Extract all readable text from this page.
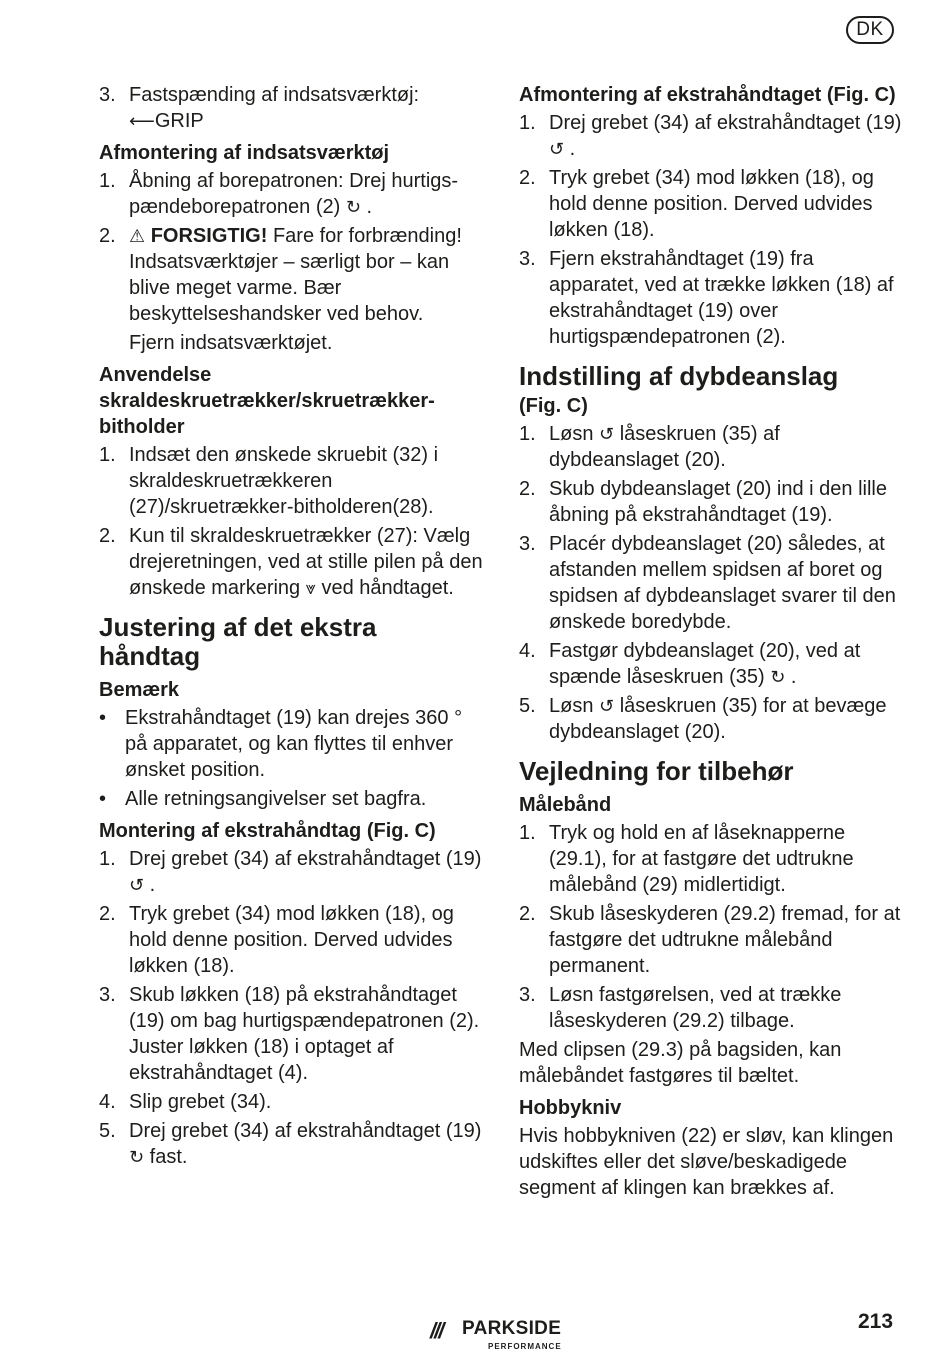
DK
3. Fastspænding af indsatsværktøj:
⟵GRIP
Afmontering af indsatsværktøj
1. Åbning af borepatronen: Drej hurtigs-pændeborepatronen (2) ↻ .
2. ⚠ FORSIGTIG! Fare for forbrænding! Indsatsværktøjer – særligt bor – kan blive meget varme. Bær beskyttelseshandsker ved behov.
Fjern indsatsværktøjet.
Anvendelse skraldeskruetrækker/skruetrækker-bitholder
1. Indsæt den ønskede skruebit (32) i skraldeskruetrækkeren (27)/skruetrækker-bitholderen(28).
2. Kun til skraldeskruetrækker (27): Vælg drejeretningen, ved at stille pilen på den ønskede markering ⩔ ved håndtaget.
Justering af det ekstra håndtag
Bemærk
• Ekstrahåndtaget (19) kan drejes 360 ° på apparatet, og kan flyttes til enhver ønsket position.
• Alle retningsangivelser set bagfra.
Montering af ekstrahåndtag (Fig. C)
1. Drej grebet (34) af ekstrahåndtaget (19) ↺ .
2. Tryk grebet (34) mod løkken (18), og hold denne position. Derved udvides løkken (18).
3. Skub løkken (18) på ekstrahåndtaget (19) om bag hurtigspændepatronen (2). Juster løkken (18) i optaget af ekstrahåndtaget (4).
4. Slip grebet (34).
5. Drej grebet (34) af ekstrahåndtaget (19) ↻ fast.
Afmontering af ekstrahåndtaget (Fig. C)
1. Drej grebet (34) af ekstrahåndtaget (19) ↺ .
2. Tryk grebet (34) mod løkken (18), og hold denne position. Derved udvides løkken (18).
3. Fjern ekstrahåndtaget (19) fra apparatet, ved at trække løkken (18) af ekstrahåndtaget (19) over hurtigspændepatronen (2).
Indstilling af dybdeanslag
(Fig. C)
1. Løsn ↺ låseskruen (35) af dybdeanslaget (20).
2. Skub dybdeanslaget (20) ind i den lille åbning på ekstrahåndtaget (19).
3. Placér dybdeanslaget (20) således, at afstanden mellem spidsen af boret og spidsen af dybdeanslaget svarer til den ønskede boredybde.
4. Fastgør dybdeanslaget (20), ved at spænde låseskruen (35) ↻ .
5. Løsn ↺ låseskruen (35) for at bevæge dybdeanslaget (20).
Vejledning for tilbehør
Målebånd
1. Tryk og hold en af låseknapperne (29.1), for at fastgøre det udtrukne målebånd (29) midlertidigt.
2. Skub låseskyderen (29.2) fremad, for at fastgøre det udtrukne målebånd permanent.
3. Løsn fastgørelsen, ved at trække låseskyderen (29.2) tilbage.

Med clipsen (29.3) på bagsiden, kan målebåndet fastgøres til bæltet.

Hobbykniv

Hvis hobbykniven (22) er sløv, kan klingen udskiftes eller det sløve/beskadigede segment af klingen kan brækkes af.

/// PARKSIDE
PERFORMANCE
213
